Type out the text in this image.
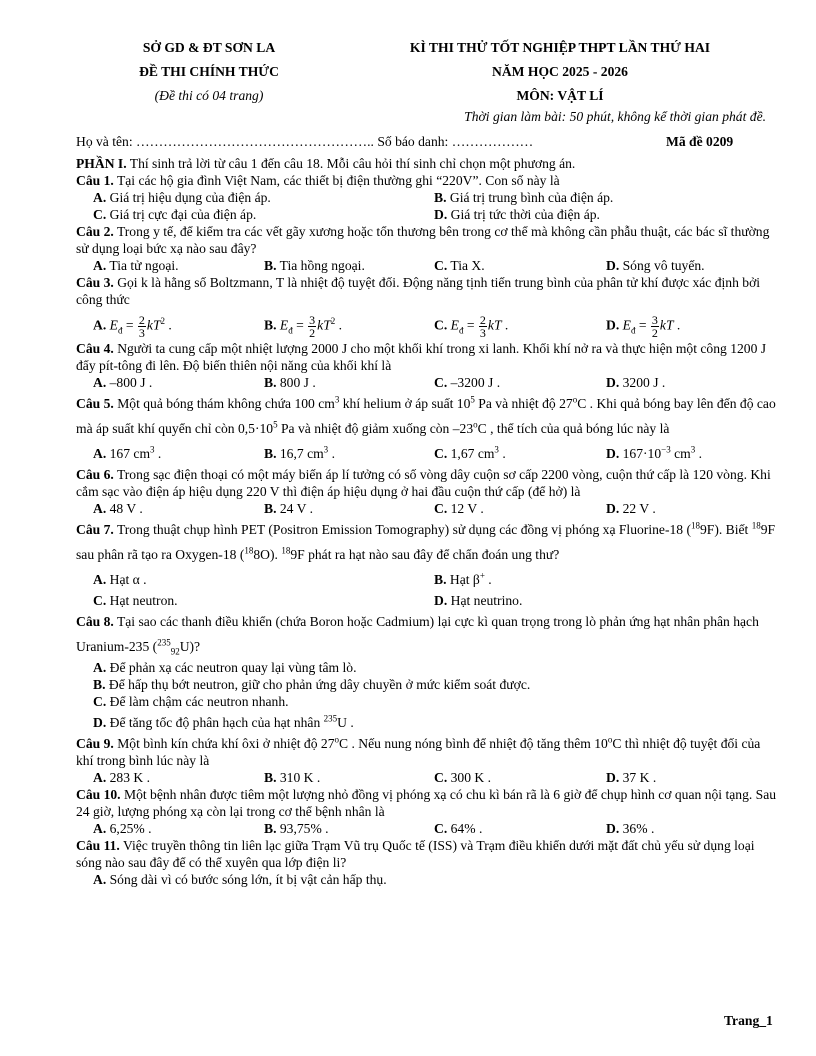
SỞ GD & ĐT SƠN LA
ĐỀ THI CHÍNH THỨC
(Đề thi có 04 trang)
KÌ THI THỬ TỐT NGHIỆP THPT LẦN THỨ HAI
NĂM HỌC 2025 - 2026
MÔN: VẬT LÍ
Thời gian làm bài: 50 phút, không kể thời gian phát đề.
Họ và tên: …………………………………………….. Số báo danh: ………………	Mã đề 0209

PHẦN I. Thí sinh trả lời từ câu 1 đến câu 18. Mỗi câu hỏi thí sinh chỉ chọn một phương án.

Câu 1. Tại các hộ gia đình Việt Nam, các thiết bị điện thường ghi “220V”. Con số này là

A. Giá trị hiệu dụng của điện áp.	B. Giá trị trung bình của điện áp.
C. Giá trị cực đại của điện áp.	D. Giá trị tức thời của điện áp.

Câu 2. Trong y tế, để kiểm tra các vết gãy xương hoặc tổn thương bên trong cơ thể mà không cần phẫu thuật, các bác sĩ thường sử dụng loại bức xạ nào sau đây?

A. Tia tử ngoại.	B. Tia hồng ngoại.	C. Tia X.	D. Sóng vô tuyến.

Câu 3. Gọi k là hằng số Boltzmann, T là nhiệt độ tuyệt đối. Động năng tịnh tiến trung bình của phân tử khí được xác định bởi công thức

A. $E_đ = \frac{2}{3} kT^2$ .	B. $E_đ = \frac{3}{2} kT^2$ .	C. $E_đ = \frac{2}{3}$ kT .	D. $E_đ = \frac{3}{2}$ kT .

Câu 4. Người ta cung cấp một nhiệt lượng 2000 J cho một khối khí trong xi lanh. Khối khí nở ra và thực hiện một công 1200 J đẩy pít-tông đi lên. Độ biến thiên nội năng của khối khí là

A. –800 J .	B. 800 J .	C. –3200 J .	D. 3200 J .

Câu 5. Một quả bóng thám không chứa 100 $cm^3$ khí helium ở áp suất $10^5$ Pa và nhiệt độ 27$^o$C . Khi quả bóng bay lên đến độ cao mà áp suất khí quyển chỉ còn $0,5\cdot 10^5$ Pa và nhiệt độ giảm xuống còn –23$^o$C , thể tích của quả bóng lúc này là

A. 167 $cm^3$ .	B. 16,7 $cm^3$ .	C. 1,67 $cm^3$ .	D. $167\cdot 10^{-3}$ $cm^3$ .

Câu 6. Trong sạc điện thoại có một máy biến áp lí tưởng có số vòng dây cuộn sơ cấp 2200 vòng, cuộn thứ cấp là 120 vòng. Khi cắm sạc vào điện áp hiệu dụng 220 V thì điện áp hiệu dụng ở hai đầu cuộn thứ cấp (để hở) là

A. 48 V .	B. 24 V .	C. 12 V .	D. 22 V .

Câu 7. Trong thuật chụp hình PET (Positron Emission Tomography) sử dụng các đồng vị phóng xạ Fluorine-18 ($^{18}$9F). Biết $^{18}$9F sau phân rã tạo ra Oxygen-18 ($^{18}$8O). $^{18}$9F phát ra hạt nào sau đây để chẩn đoán ung thư?

A. Hạt α .	B. Hạt β+ .
C. Hạt neutron.	D. Hạt neutrino.

Câu 8. Tại sao các thanh điều khiển (chứa Boron hoặc Cadmium) lại cực kì quan trọng trong lò phản ứng hạt nhân phân hạch Uranium-235 ($^{235}_{92}$U)?

A. Để phản xạ các neutron quay lại vùng tâm lò.

B. Để hấp thụ bớt neutron, giữ cho phản ứng dây chuyền ở mức kiểm soát được.

C. Để làm chậm các neutron nhanh.

D. Để tăng tốc độ phân hạch của hạt nhân $^{235}$U .

Câu 9. Một bình kín chứa khí ôxi ở nhiệt độ 27$^o$C . Nếu nung nóng bình để nhiệt độ tăng thêm 10$^o$C thì nhiệt độ tuyệt đối của khí trong bình lúc này là

A. 283 K .	B. 310 K .	C. 300 K .	D. 37 K .

Câu 10. Một bệnh nhân được tiêm một lượng nhỏ đồng vị phóng xạ có chu kì bán rã là 6 giờ để chụp hình cơ quan nội tạng. Sau 24 giờ, lượng phóng xạ còn lại trong cơ thể bệnh nhân là

A. 6,25% .	B. 93,75% .	C. 64% .	D. 36% .

Câu 11. Việc truyền thông tin liên lạc giữa Trạm Vũ trụ Quốc tế (ISS) và Trạm điều khiển dưới mặt đất chủ yếu sử dụng loại sóng nào sau đây để có thể xuyên qua lớp điện li?

A. Sóng dài vì có bước sóng lớn, ít bị vật cản hấp thụ.

Trang_1
